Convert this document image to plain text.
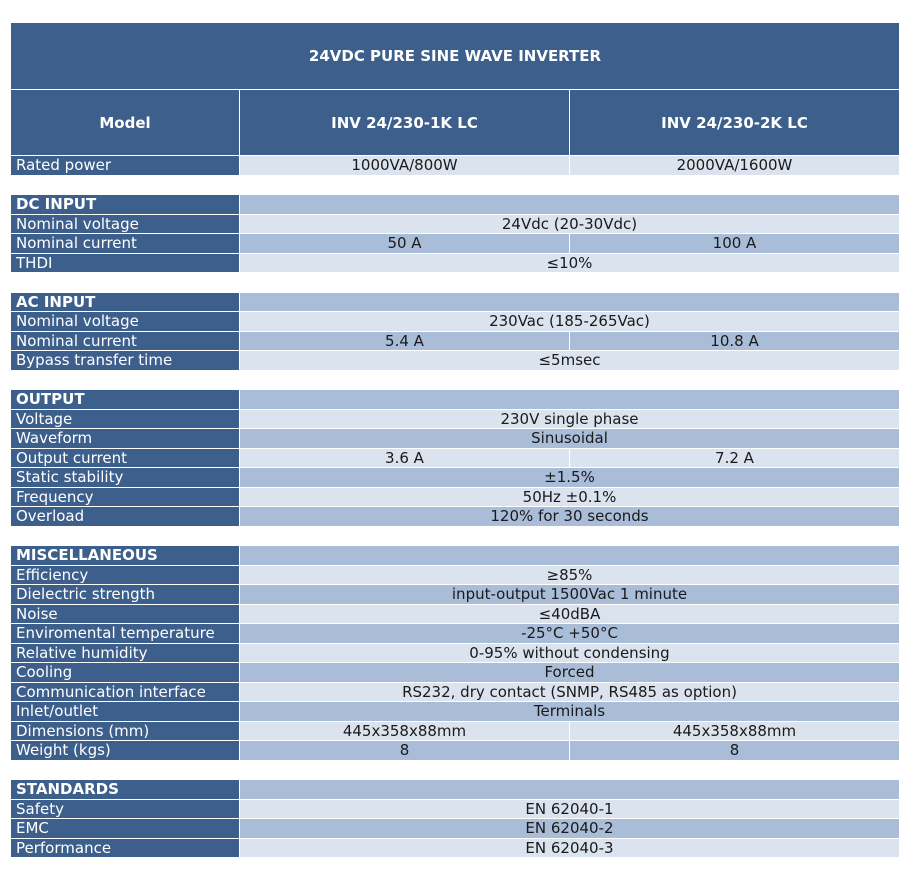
24VDC PURE SINE WAVE INVERTER
Model	INV 24/230-1K LC	INV 24/230-2K LC
Rated power	1000VA/800W	2000VA/1600W
DC INPUT
Nominal voltage	24Vdc (20-30Vdc)
Nominal current	50 A	100 A
THDI	≤10%
AC INPUT
Nominal voltage	230Vac (185-265Vac)
Nominal current	5.4 A	10.8 A
Bypass transfer time	≤5msec
OUTPUT
Voltage	230V single phase
Waveform	Sinusoidal
Output current	3.6 A	7.2 A
Static stability	±1.5%
Frequency	50Hz ±0.1%
Overload	120% for 30 seconds
MISCELLANEOUS
Efficiency	≥85%
Dielectric strength	input-output 1500Vac 1 minute
Noise	≤40dBA
Enviromental temperature	-25°C +50°C
Relative humidity	0-95% without condensing
Cooling	Forced
Communication interface	RS232, dry contact (SNMP, RS485 as option)
Inlet/outlet	Terminals
Dimensions (mm)	445x358x88mm	445x358x88mm
Weight (kgs)	8	8
STANDARDS
Safety	EN 62040-1
EMC	EN 62040-2
Performance	EN 62040-3
